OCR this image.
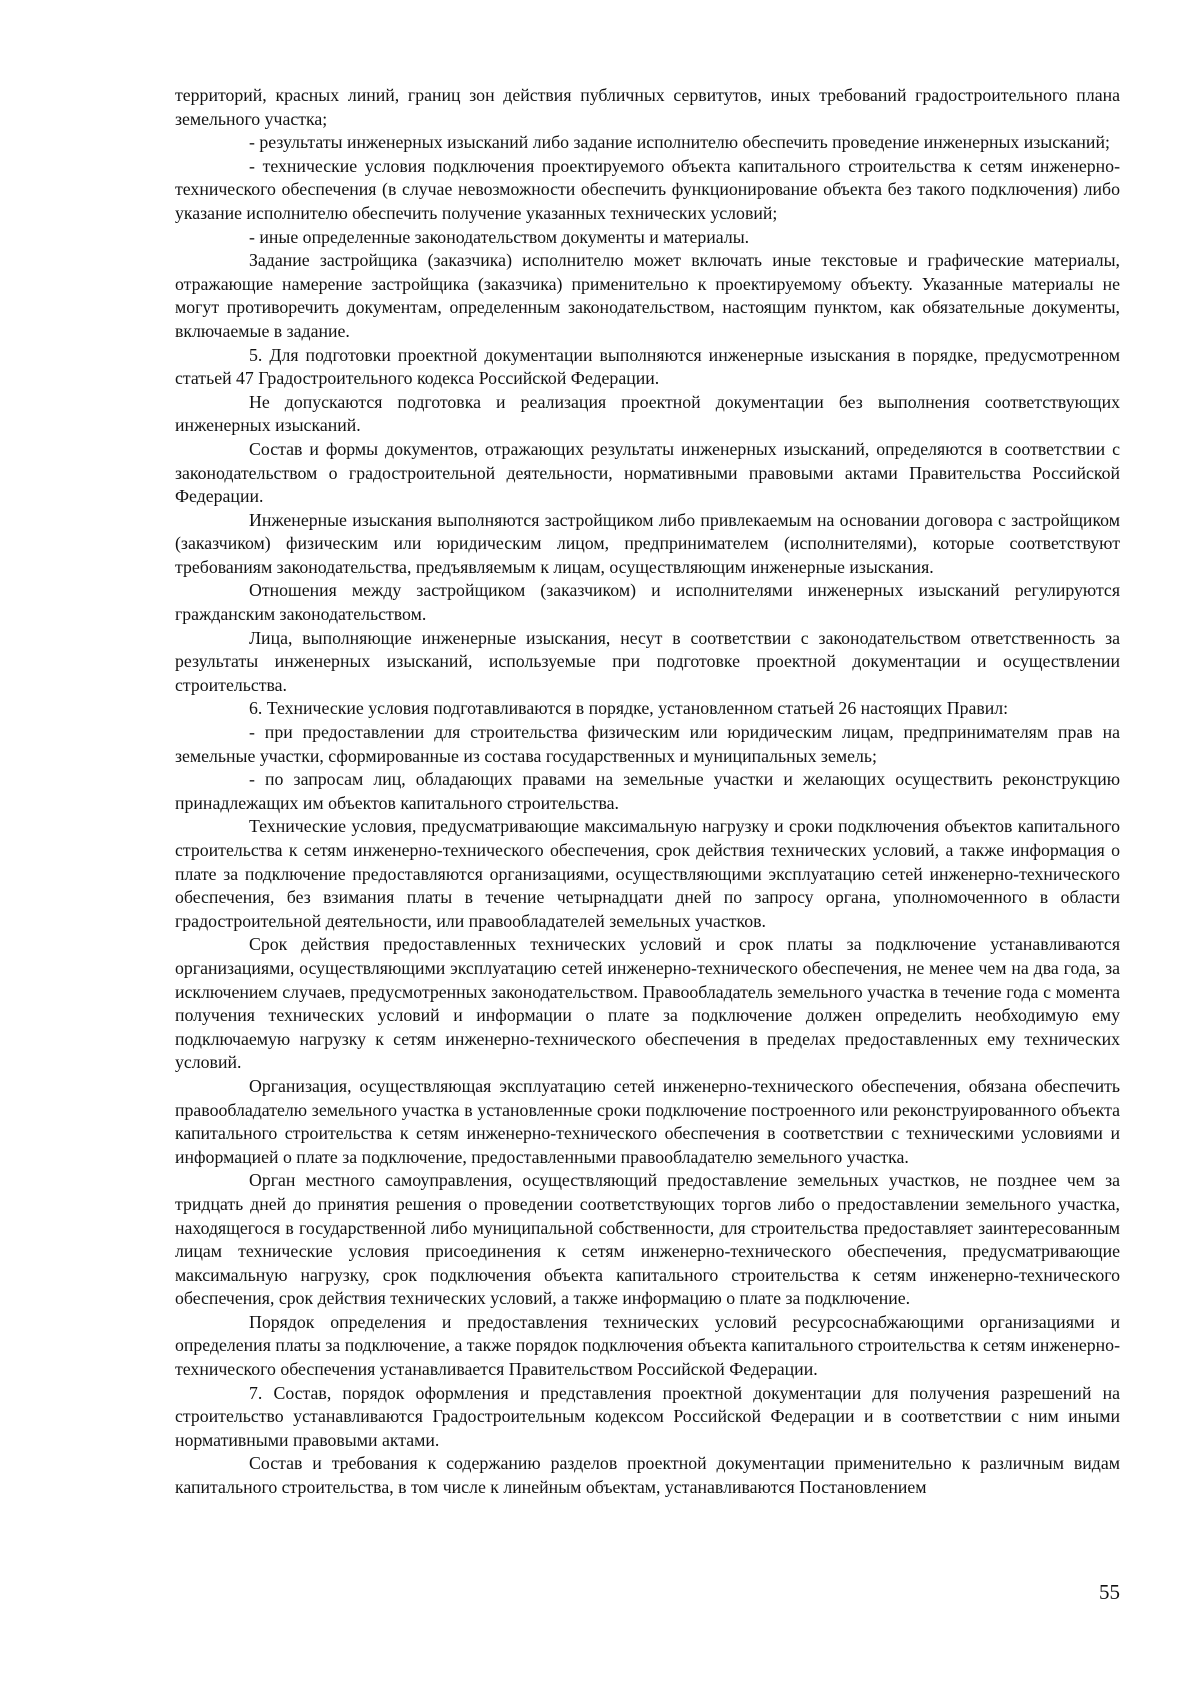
территорий, красных линий, границ зон действия публичных сервитутов, иных требований градостроительного плана земельного участка;

- результаты инженерных изысканий либо задание исполнителю обеспечить проведение инженерных изысканий;

- технические условия подключения проектируемого объекта капитального строительства к сетям инженерно-технического обеспечения (в случае невозможности обеспечить функционирование объекта без такого подключения) либо указание исполнителю обеспечить получение указанных технических условий;

- иные определенные законодательством документы и материалы.

Задание застройщика (заказчика) исполнителю может включать иные текстовые и графические материалы, отражающие намерение застройщика (заказчика) применительно к проектируемому объекту. Указанные материалы не могут противоречить документам, определенным законодательством, настоящим пунктом, как обязательные документы, включаемые в задание.

5. Для подготовки проектной документации выполняются инженерные изыскания в порядке, предусмотренном статьей 47 Градостроительного кодекса Российской Федерации.

Не допускаются подготовка и реализация проектной документации без выполнения соответствующих инженерных изысканий.

Состав и формы документов, отражающих результаты инженерных изысканий, определяются в соответствии с законодательством о градостроительной деятельности, нормативными правовыми актами Правительства Российской Федерации.

Инженерные изыскания выполняются застройщиком либо привлекаемым на основании договора с застройщиком (заказчиком) физическим или юридическим лицом, предпринимателем (исполнителями), которые соответствуют требованиям законодательства, предъявляемым к лицам, осуществляющим инженерные изыскания.

Отношения между застройщиком (заказчиком) и исполнителями инженерных изысканий регулируются гражданским законодательством.

Лица, выполняющие инженерные изыскания, несут в соответствии с законодательством ответственность за результаты инженерных изысканий, используемые при подготовке проектной документации и осуществлении строительства.

6. Технические условия подготавливаются в порядке, установленном статьей 26 настоящих Правил:

- при предоставлении для строительства физическим или юридическим лицам, предпринимателям прав на земельные участки, сформированные из состава государственных и муниципальных земель;

- по запросам лиц, обладающих правами на земельные участки и желающих осуществить реконструкцию принадлежащих им объектов капитального строительства.

Технические условия, предусматривающие максимальную нагрузку и сроки подключения объектов капитального строительства к сетям инженерно-технического обеспечения, срок действия технических условий, а также информация о плате за подключение предоставляются организациями, осуществляющими эксплуатацию сетей инженерно-технического обеспечения, без взимания платы в течение четырнадцати дней по запросу органа, уполномоченного в области градостроительной деятельности, или правообладателей земельных участков.

Срок действия предоставленных технических условий и срок платы за подключение устанавливаются организациями, осуществляющими эксплуатацию сетей инженерно-технического обеспечения, не менее чем на два года, за исключением случаев, предусмотренных законодательством. Правообладатель земельного участка в течение года с момента получения технических условий и информации о плате за подключение должен определить необходимую ему подключаемую нагрузку к сетям инженерно-технического обеспечения в пределах предоставленных ему технических условий.

Организация, осуществляющая эксплуатацию сетей инженерно-технического обеспечения, обязана обеспечить правообладателю земельного участка в установленные сроки подключение построенного или реконструированного объекта капитального строительства к сетям инженерно-технического обеспечения в соответствии с техническими условиями и информацией о плате за подключение, предоставленными правообладателю земельного участка.

Орган местного самоуправления, осуществляющий предоставление земельных участков, не позднее чем за тридцать дней до принятия решения о проведении соответствующих торгов либо о предоставлении земельного участка, находящегося в государственной либо муниципальной собственности, для строительства предоставляет заинтересованным лицам технические условия присоединения к сетям инженерно-технического обеспечения, предусматривающие максимальную нагрузку, срок подключения объекта капитального строительства к сетям инженерно-технического обеспечения, срок действия технических условий, а также информацию о плате за подключение.

Порядок определения и предоставления технических условий ресурсоснабжающими организациями и определения платы за подключение, а также порядок подключения объекта капитального строительства к сетям инженерно-технического обеспечения устанавливается Правительством Российской Федерации.

7. Состав, порядок оформления и представления проектной документации для получения разрешений на строительство устанавливаются Градостроительным кодексом Российской Федерации и в соответствии с ним иными нормативными правовыми актами.

Состав и требования к содержанию разделов проектной документации применительно к различным видам капитального строительства, в том числе к линейным объектам, устанавливаются Постановлением

55
